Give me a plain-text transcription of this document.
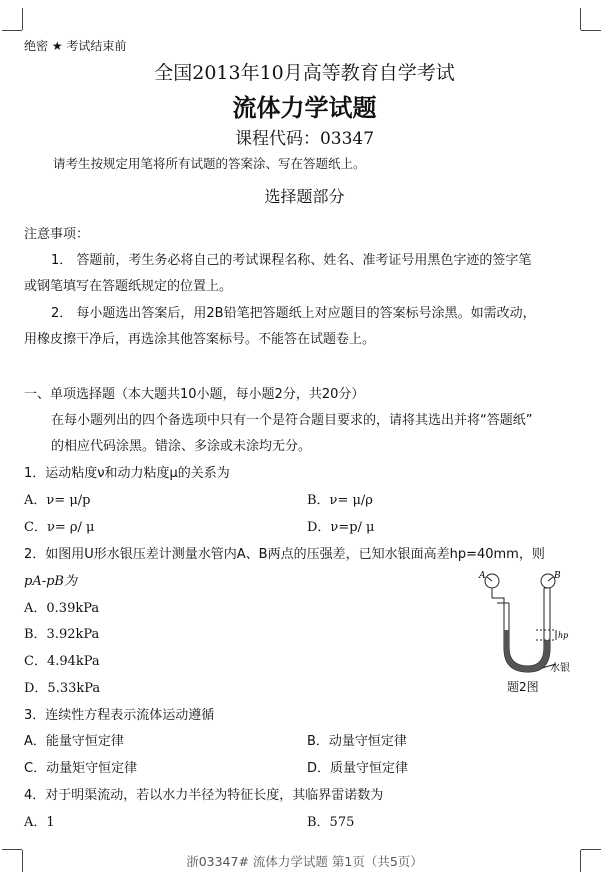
绝密 ★ 考试结束前
全国2013年10月高等教育自学考试
流体力学试题
课程代码：03347
请考生按规定用笔将所有试题的答案涂、写在答题纸上。
选择题部分
注意事项：
1． 答题前，考生务必将自己的考试课程名称、姓名、准考证号用黑色字迹的签字笔
或钢笔填写在答题纸规定的位置上。
2． 每小题选出答案后，用2B铅笔把答题纸上对应题目的答案标号涂黑。如需改动，
用橡皮擦干净后，再选涂其他答案标号。不能答在试题卷上。
一、单项选择题（本大题共10小题，每小题2分，共20分）
在每小题列出的四个备选项中只有一个是符合题目要求的，请将其选出并将“答题纸”
的相应代码涂黑。错涂、多涂或未涂均无分。
1．运动粘度ν和动力粘度μ的关系为
A．ν= μ/p	B．ν= μ/ρ
C．ν= ρ/ μ	D．ν=p/ μ
2．如图用U形水银压差计测量水管内A、B两点的压强差，已知水银面高差hp=40mm，则
pA-pB为
A．0.39kPa
B．3.92kPa
C．4.94kPa
D．5.33kPa
A	B
hp
水银
题2图
3．连续性方程表示流体运动遵循
A．能量守恒定律	B．动量守恒定律
C．动量矩守恒定律	D．质量守恒定律
4．对于明渠流动，若以水力半径为特征长度，其临界雷诺数为
A．1	B．575
浙03347# 流体力学试题 第1页（共5页）
